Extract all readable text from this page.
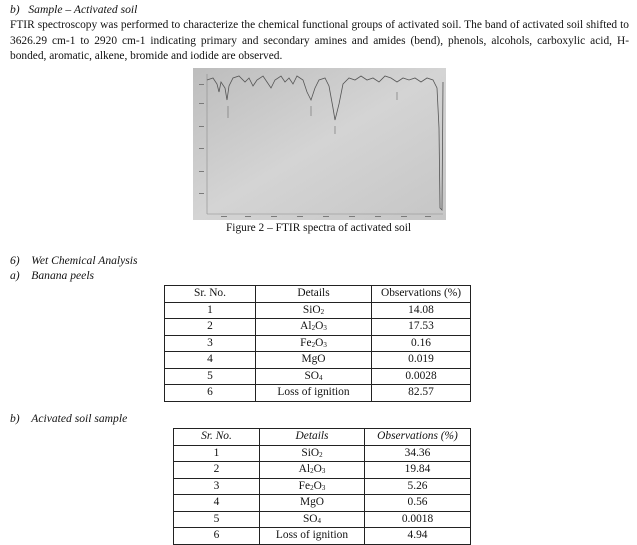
b) Sample – Activated soil
FTIR spectroscopy was performed to characterize the chemical functional groups of activated soil. The band of activated soil shifted to 3626.29 cm-1 to 2920 cm-1 indicating primary and secondary amines and amides (bend), phenols, alcohols, carboxylic acid, H-bonded, aromatic, alkene, bromide and iodide are observed.
Figure 2 – FTIR spectra of activated soil
6) Wet Chemical Analysis
a) Banana peels
Sr. No.	Details	Observations (%)
1	SiO$_2$	14.08
2	$Al_2O_3$	17.53
3	$Fe_2O_3$	0.16
4	MgO	0.019
5	$SO_4$	0.0028
6	Loss of ignition	82.57
b) Acivated soil sample
Sr. No.	Details	Observations (%)
1	SiO$_2$	34.36
2	$Al_2O_3$	19.84
3	$Fe_2O_3$	5.26
4	MgO	0.56
5	$SO_4$	0.0018
6	Loss of ignition	4.94
